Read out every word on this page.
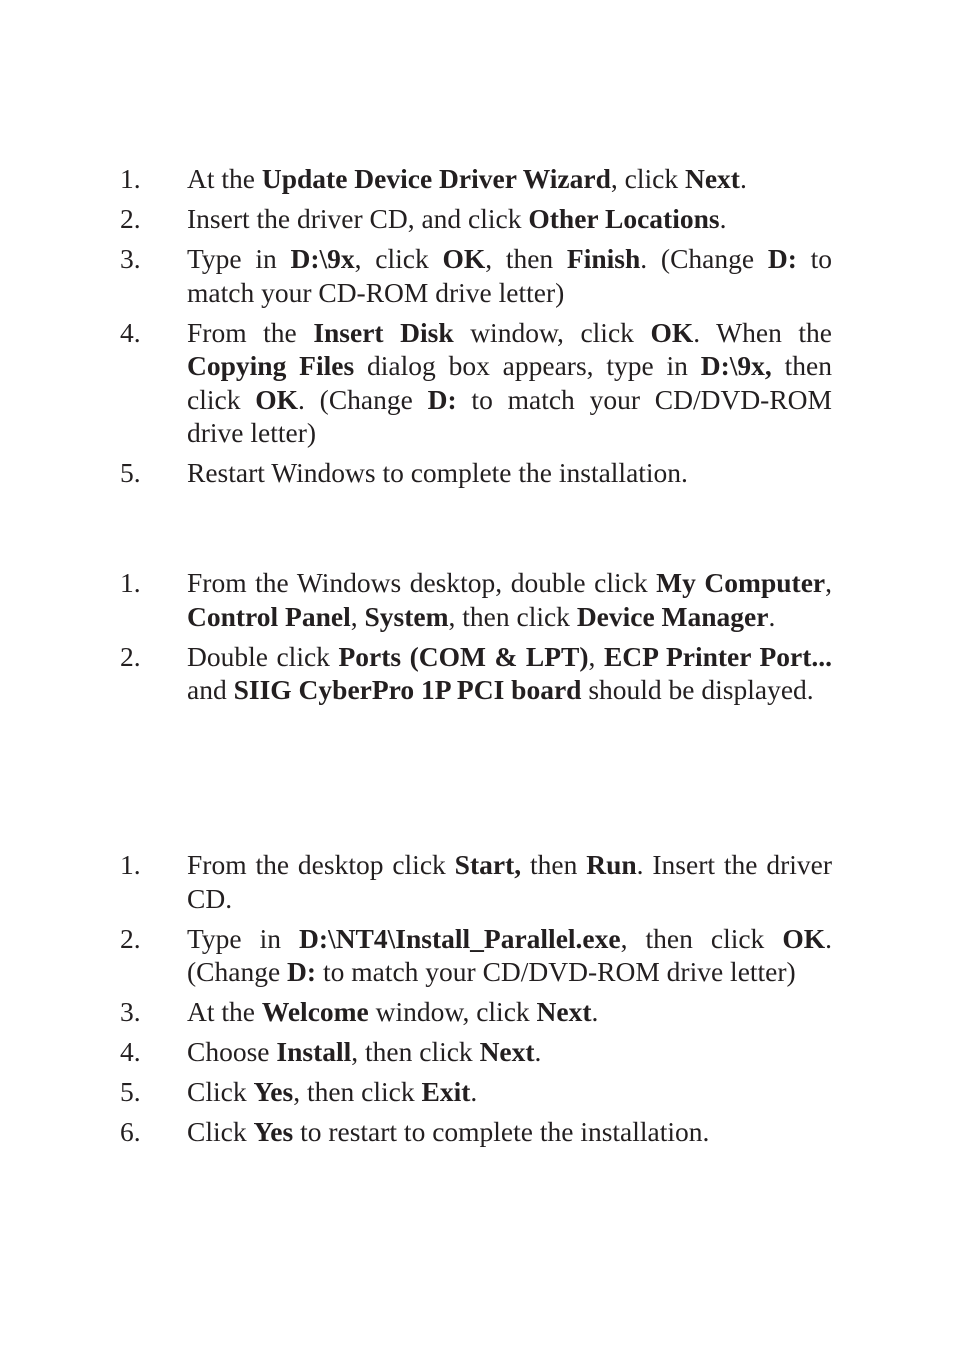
1. At the Update Device Driver Wizard, click Next.
2. Insert the driver CD, and click Other Locations.
3. Type in D:\9x, click OK, then Finish. (Change D: to match your CD-ROM drive letter)
4. From the Insert Disk window, click OK. When the Copying Files dialog box appears, type in D:\9x, then click OK. (Change D: to match your CD/DVD-ROM drive letter)
5. Restart Windows to complete the installation.
1. From the Windows desktop, double click My Computer, Control Panel, System, then click Device Manager.
2. Double click Ports (COM & LPT), ECP Printer Port... and SIIG CyberPro 1P PCI board should be displayed.
1. From the desktop click Start, then Run. Insert the driver CD.
2. Type in D:\NT4\Install_Parallel.exe, then click OK. (Change D: to match your CD/DVD-ROM drive letter)
3. At the Welcome window, click Next.
4. Choose Install, then click Next.
5. Click Yes, then click Exit.
6. Click Yes to restart to complete the installation.
